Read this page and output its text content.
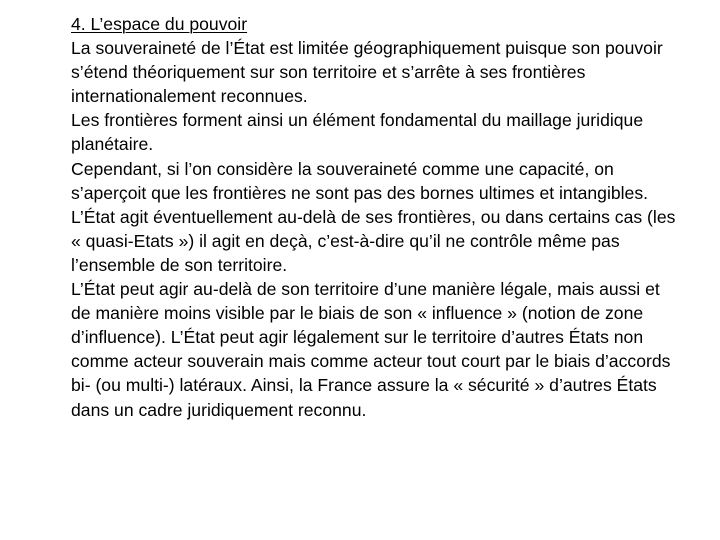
4. L’espace du pouvoir

La souveraineté de l’État est limitée géographiquement puisque son pouvoir s’étend théoriquement sur son territoire et s’arrête à ses frontières internationalement reconnues.

Les frontières forment ainsi un élément fondamental du maillage juridique planétaire.

Cependant, si l’on considère la souveraineté comme une capacité, on s’aperçoit que les frontières ne sont pas des bornes ultimes et intangibles.

L’État agit éventuellement au-delà de ses frontières, ou dans certains cas (les « quasi-Etats ») il agit en deçà, c’est-à-dire qu’il ne contrôle même pas l’ensemble de son territoire.

L’État peut agir au-delà de son territoire d’une manière légale, mais aussi et de manière moins visible par le biais de son « influence » (notion de zone d’influence). L’État peut agir légalement sur le territoire d’autres États non comme acteur souverain mais comme acteur tout court par le biais d’accords bi- (ou multi-) latéraux. Ainsi, la France assure la « sécurité » d’autres États dans un cadre juridiquement reconnu.
